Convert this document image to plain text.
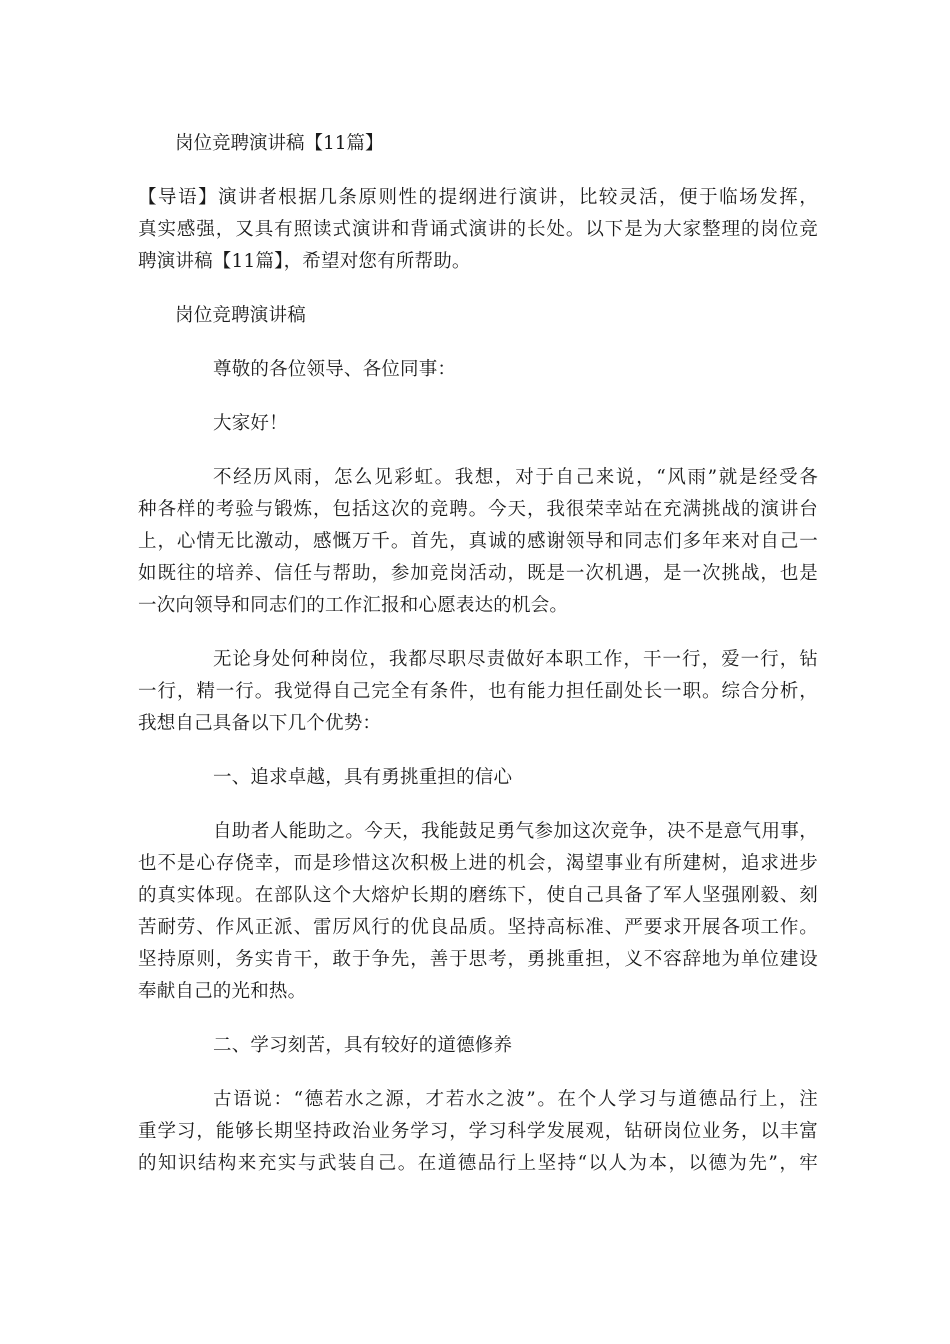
岗位竞聘演讲稿【11篇】
【导语】演讲者根据几条原则性的提纲进行演讲，比较灵活，便于临场发挥，
真实感强，又具有照读式演讲和背诵式演讲的长处。以下是为大家整理的岗位竞
聘演讲稿【11篇】，希望对您有所帮助。
岗位竞聘演讲稿
尊敬的各位领导、各位同事：
大家好！
不经历风雨，怎么见彩虹。我想，对于自己来说，“风雨”就是经受各
种各样的考验与锻炼，包括这次的竞聘。今天，我很荣幸站在充满挑战的演讲台
上，心情无比激动，感慨万千。首先，真诚的感谢领导和同志们多年来对自己一
如既往的培养、信任与帮助，参加竞岗活动，既是一次机遇，是一次挑战，也是
一次向领导和同志们的工作汇报和心愿表达的机会。
无论身处何种岗位，我都尽职尽责做好本职工作，干一行，爱一行，钻
一行，精一行。我觉得自己完全有条件，也有能力担任副处长一职。综合分析，
我想自己具备以下几个优势：
一、追求卓越，具有勇挑重担的信心
自助者人能助之。今天，我能鼓足勇气参加这次竞争，决不是意气用事，
也不是心存侥幸，而是珍惜这次积极上进的机会，渴望事业有所建树，追求进步
的真实体现。在部队这个大熔炉长期的磨练下，使自己具备了军人坚强刚毅、刻
苦耐劳、作风正派、雷厉风行的优良品质。坚持高标准、严要求开展各项工作。
坚持原则，务实肯干，敢于争先，善于思考，勇挑重担，义不容辞地为单位建设
奉献自己的光和热。
二、学习刻苦，具有较好的道德修养
古语说：“德若水之源，才若水之波”。在个人学习与道德品行上，注
重学习，能够长期坚持政治业务学习，学习科学发展观，钻研岗位业务，以丰富
的知识结构来充实与武装自己。在道德品行上坚持“以人为本，以德为先”，牢
